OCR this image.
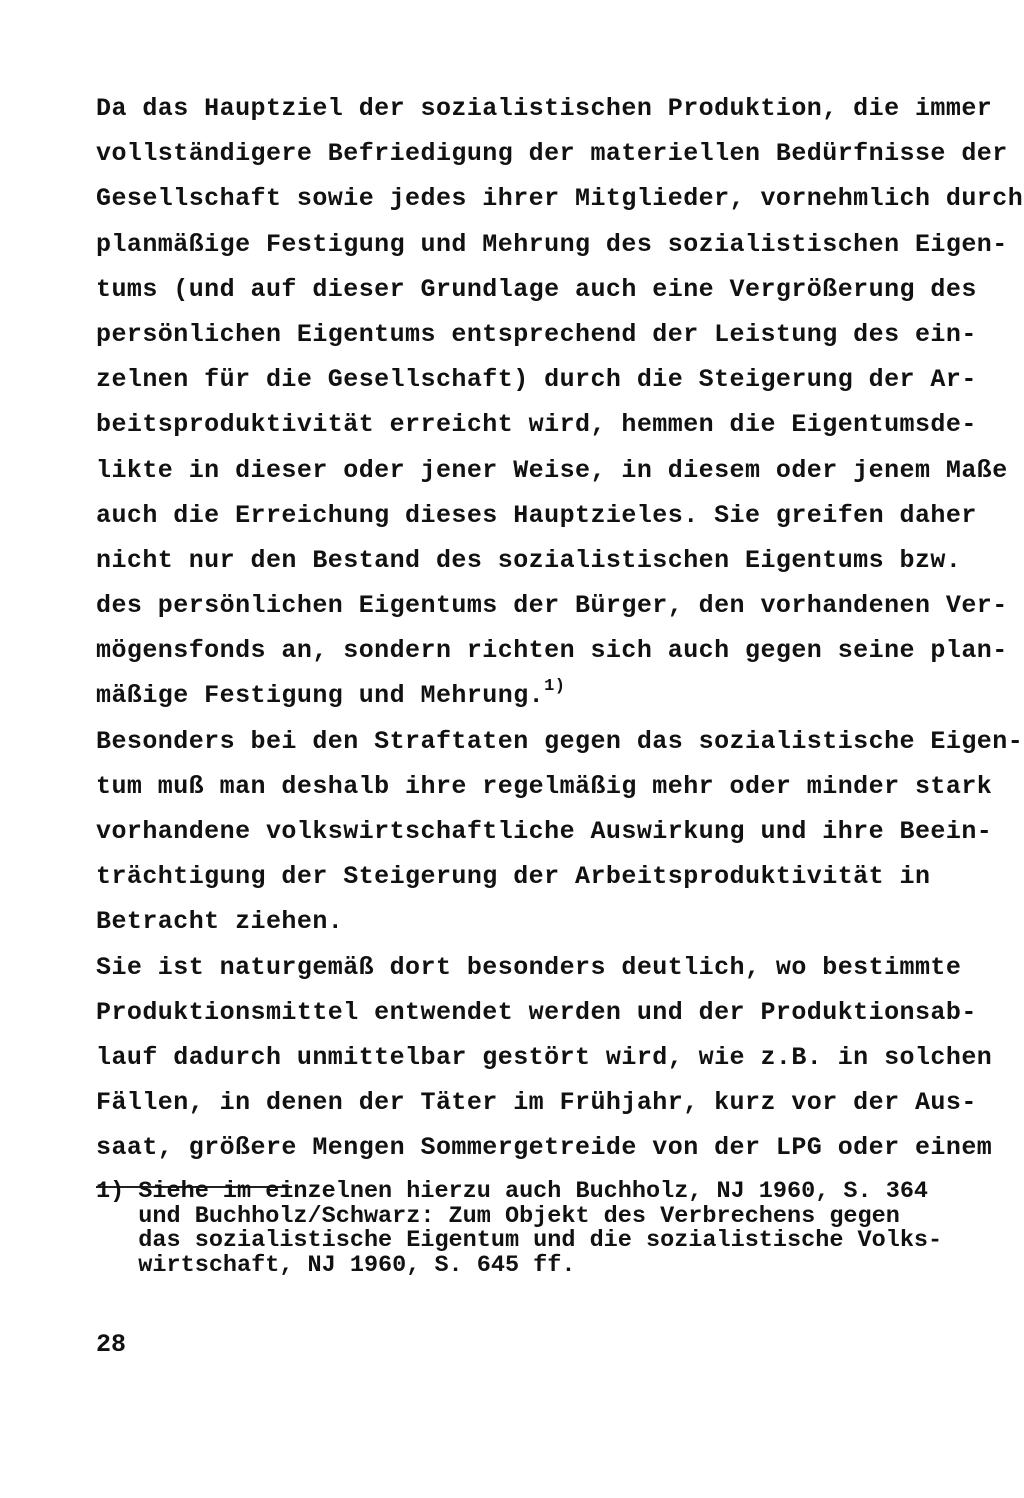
Da das Hauptziel der sozialistischen Produktion, die immer
vollständigere Befriedigung der materiellen Bedürfnisse der
Gesellschaft sowie jedes ihrer Mitglieder, vornehmlich durch
planmäßige Festigung und Mehrung des sozialistischen Eigen-
tums (und auf dieser Grundlage auch eine Vergrößerung des
persönlichen Eigentums entsprechend der Leistung des ein-
zelnen für die Gesellschaft) durch die Steigerung der Ar-
beitsproduktivität erreicht wird, hemmen die Eigentumsde-
likte in dieser oder jener Weise, in diesem oder jenem Maße
auch die Erreichung dieses Hauptzieles. Sie greifen daher
nicht nur den Bestand des sozialistischen Eigentums bzw.
des persönlichen Eigentums der Bürger, den vorhandenen Ver-
mögensfonds an, sondern richten sich auch gegen seine plan-
mäßige Festigung und Mehrung.$^{1)}$
Besonders bei den Straftaten gegen das sozialistische Eigen-
tum muß man deshalb ihre regelmäßig mehr oder minder stark
vorhandene volkswirtschaftliche Auswirkung und ihre Beein-
trächtigung der Steigerung der Arbeitsproduktivität in
Betracht ziehen.
Sie ist naturgemäß dort besonders deutlich, wo bestimmte
Produktionsmittel entwendet werden und der Produktionsab-
lauf dadurch unmittelbar gestört wird, wie z.B. in solchen
Fällen, in denen der Täter im Frühjahr, kurz vor der Aus-
saat, größere Mengen Sommergetreide von der LPG oder einem
1) Siehe im einzelnen hierzu auch Buchholz, NJ 1960, S. 364
und Buchholz/Schwarz: Zum Objekt des Verbrechens gegen
das sozialistische Eigentum und die sozialistische Volks-
wirtschaft, NJ 1960, S. 645 ff.
28
